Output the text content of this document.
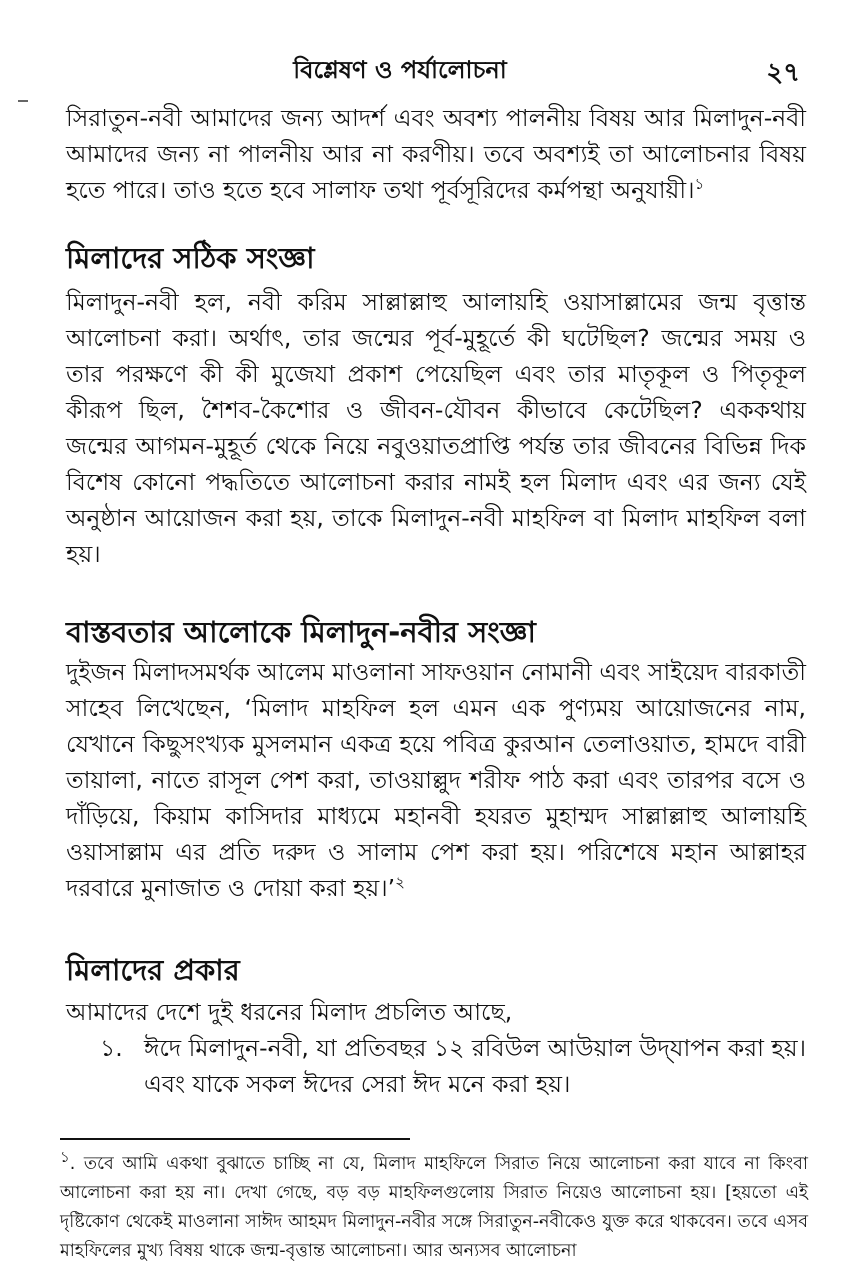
বিশ্লেষণ ও পর্যালোচনা	২৭

সিরাতুন-নবী আমাদের জন্য আদর্শ এবং অবশ্য পালনীয় বিষয় আর মিলাদুন-নবী আমাদের জন্য না পালনীয় আর না করণীয়। তবে অবশ্যই তা আলোচনার বিষয় হতে পারে। তাও হতে হবে সালাফ তথা পূর্বসূরিদের কর্মপন্থা অনুযায়ী।$^১$

মিলাদের সঠিক সংজ্ঞা

মিলাদুন-নবী হল, নবী করিম সাল্লাল্লাহু আলায়হি ওয়াসাল্লামের জন্ম বৃত্তান্ত আলোচনা করা। অর্থাৎ, তার জন্মের পূর্ব-মুহূর্তে কী ঘটেছিল? জন্মের সময় ও তার পরক্ষণে কী কী মুজেযা প্রকাশ পেয়েছিল এবং তার মাতৃকূল ও পিতৃকূল কীরূপ ছিল, শৈশব-কৈশোর ও জীবন-যৌবন কীভাবে কেটেছিল? এককথায় জন্মের আগমন-মুহূর্ত থেকে নিয়ে নবুওয়াতপ্রাপ্তি পর্যন্ত তার জীবনের বিভিন্ন দিক বিশেষ কোনো পদ্ধতিতে আলোচনা করার নামই হল মিলাদ এবং এর জন্য যেই অনুষ্ঠান আয়োজন করা হয়, তাকে মিলাদুন-নবী মাহফিল বা মিলাদ মাহফিল বলা হয়।

বাস্তবতার আলোকে মিলাদুন-নবীর সংজ্ঞা

দুইজন মিলাদসমর্থক আলেম মাওলানা সাফওয়ান নোমানী এবং সাইয়েদ বারকাতী সাহেব লিখেছেন, ‘মিলাদ মাহফিল হল এমন এক পুণ্যময় আয়োজনের নাম, যেখানে কিছুসংখ্যক মুসলমান একত্র হয়ে পবিত্র কুরআন তেলাওয়াত, হামদে বারী তায়ালা, নাতে রাসূল পেশ করা, তাওয়াল্লুদ শরীফ পাঠ করা এবং তারপর বসে ও দাঁড়িয়ে, কিয়াম কাসিদার মাধ্যমে মহানবী হযরত মুহাম্মদ সাল্লাল্লাহু আলায়হি ওয়াসাল্লাম এর প্রতি দরুদ ও সালাম পেশ করা হয়। পরিশেষে মহান আল্লাহর দরবারে মুনাজাত ও দোয়া করা হয়।’$^২$

মিলাদের প্রকার

আমাদের দেশে দুই ধরনের মিলাদ প্রচলিত আছে,

১. ঈদে মিলাদুন-নবী, যা প্রতিবছর ১২ রবিউল আউয়াল উদ্‌যাপন করা হয়। এবং যাকে সকল ঈদের সেরা ঈদ মনে করা হয়।

১. তবে আমি একথা বুঝাতে চাচ্ছি না যে, মিলাদ মাহফিলে সিরাত নিয়ে আলোচনা করা যাবে না কিংবা আলোচনা করা হয় না। দেখা গেছে, বড় বড় মাহফিলগুলোয় সিরাত নিয়েও আলোচনা হয়। [হয়তো এই দৃষ্টিকোণ থেকেই মাওলানা সাঈদ আহমদ মিলাদুন-নবীর সঙ্গে সিরাতুন-নবীকেও যুক্ত করে থাকবেন। তবে এসব মাহফিলের মুখ্য বিষয় থাকে জন্ম-বৃত্তান্ত আলোচনা। আর অন্যসব আলোচনা
